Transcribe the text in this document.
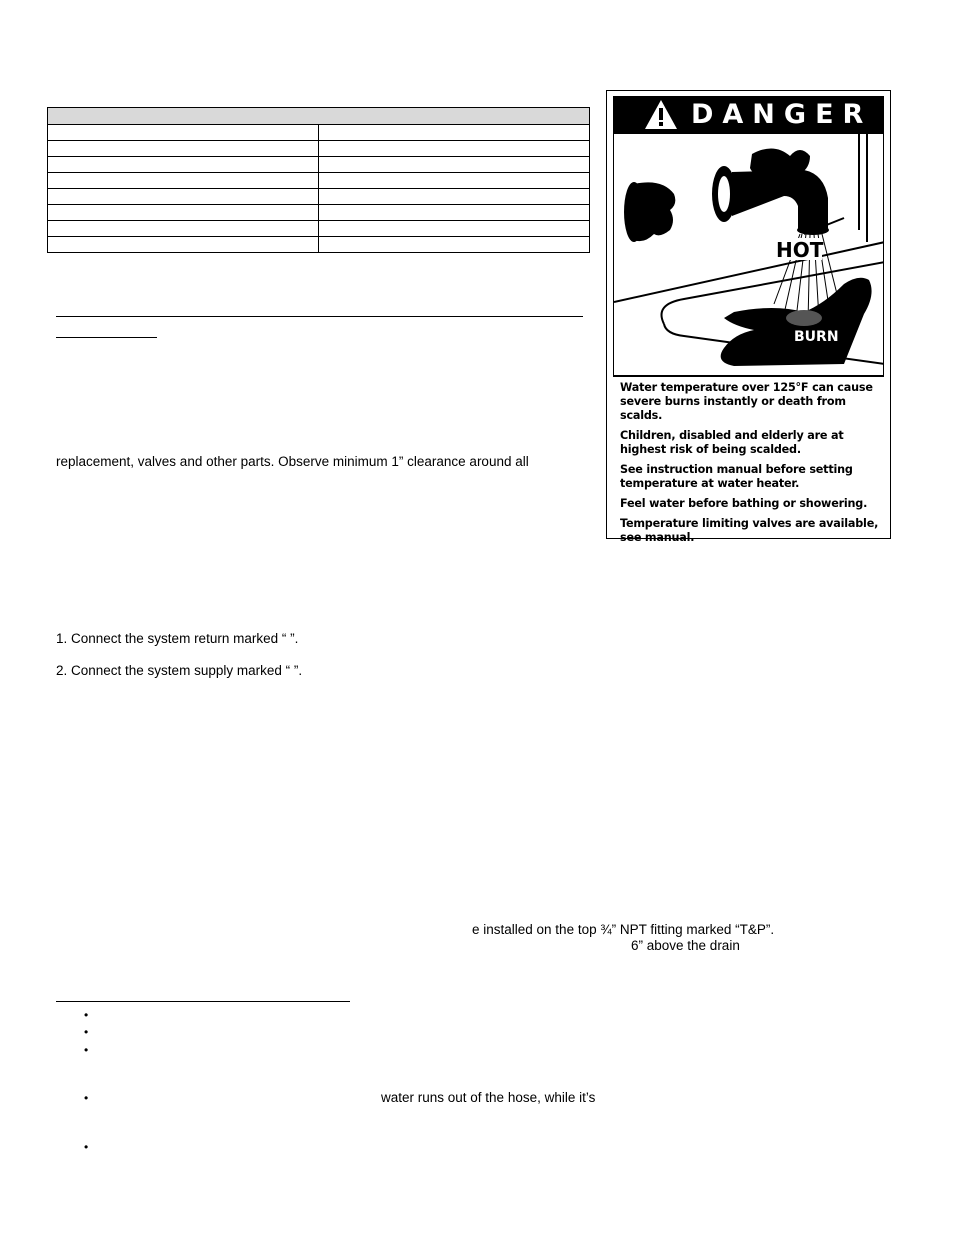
replacement, valves and other parts. Observe minimum 1” clearance around all
1. Connect the system return marked “ ”.
2. Connect the system supply marked “ ”.
e installed on the top ¾” NPT fitting marked “T&P”.
6” above the drain
water runs out of the hose, while it’s
•
•
•
•
•
DANGER
HOT
BURN

Water temperature over 125°F can cause severe burns instantly or death from scalds.

Children, disabled and elderly are at highest risk of being scalded.

See instruction manual before setting temperature at water heater.

Feel water before bathing or showering.

Temperature limiting valves are available, see manual.
